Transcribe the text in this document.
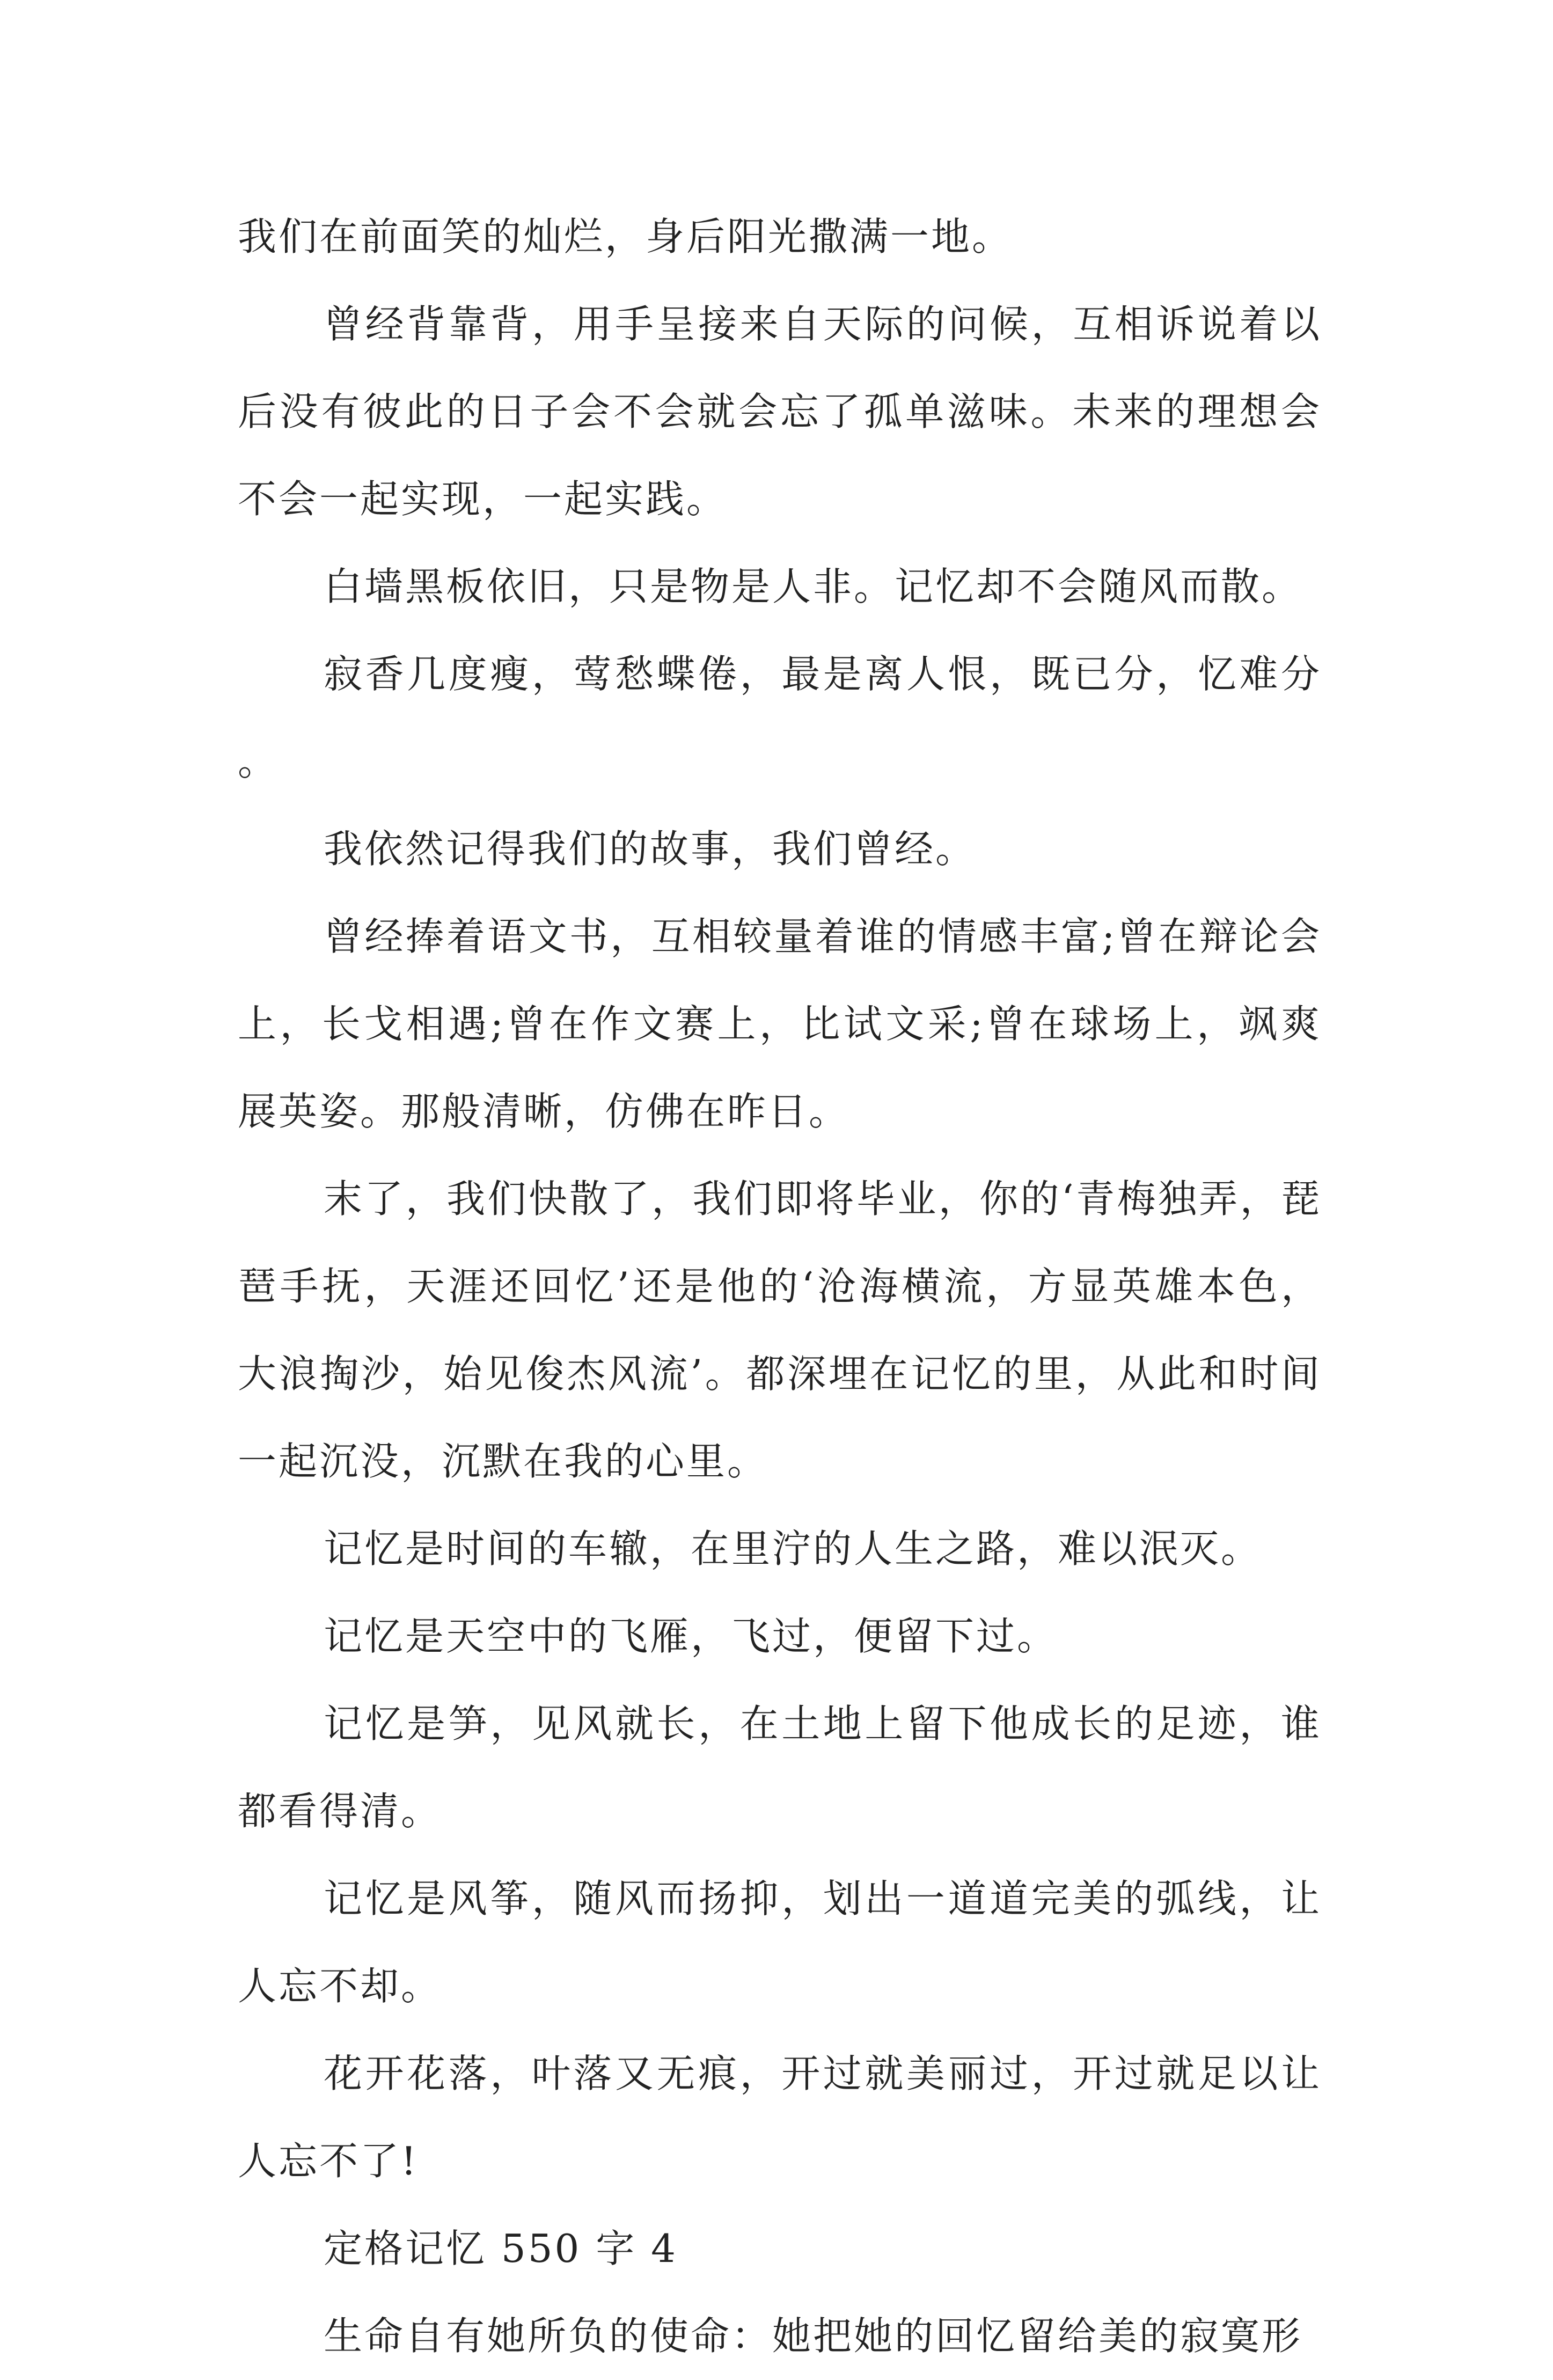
我们在前面笑的灿烂，身后阳光撒满一地。

曾经背靠背，用手呈接来自天际的问候，互相诉说着以后没有彼此的日子会不会就会忘了孤单滋味。未来的理想会不会一起实现，一起实践。

白墙黑板依旧，只是物是人非。记忆却不会随风而散。

寂香几度瘦，莺愁蝶倦，最是离人恨，既已分，忆难分。

我依然记得我们的故事，我们曾经。

曾经捧着语文书，互相较量着谁的情感丰富;曾在辩论会上，长戈相遇;曾在作文赛上，比试文采;曾在球场上，飒爽展英姿。那般清晰，仿佛在昨日。

末了，我们快散了，我们即将毕业，你的‘青梅独弄，琵琶手抚，天涯还回忆’还是他的‘沧海横流，方显英雄本色，大浪掏沙，始见俊杰风流’。都深埋在记忆的里，从此和时间一起沉没，沉默在我的心里。

记忆是时间的车辙，在里泞的人生之路，难以泯灭。

记忆是天空中的飞雁，飞过，便留下过。

记忆是笋，见风就长，在土地上留下他成长的足迹，谁都看得清。

记忆是风筝，随风而扬抑，划出一道道完美的弧线，让人忘不却。

花开花落，叶落又无痕，开过就美丽过，开过就足以让人忘不了!

定格记忆 550 字 4

生命自有她所负的使命：她把她的回忆留给美的寂寞形
